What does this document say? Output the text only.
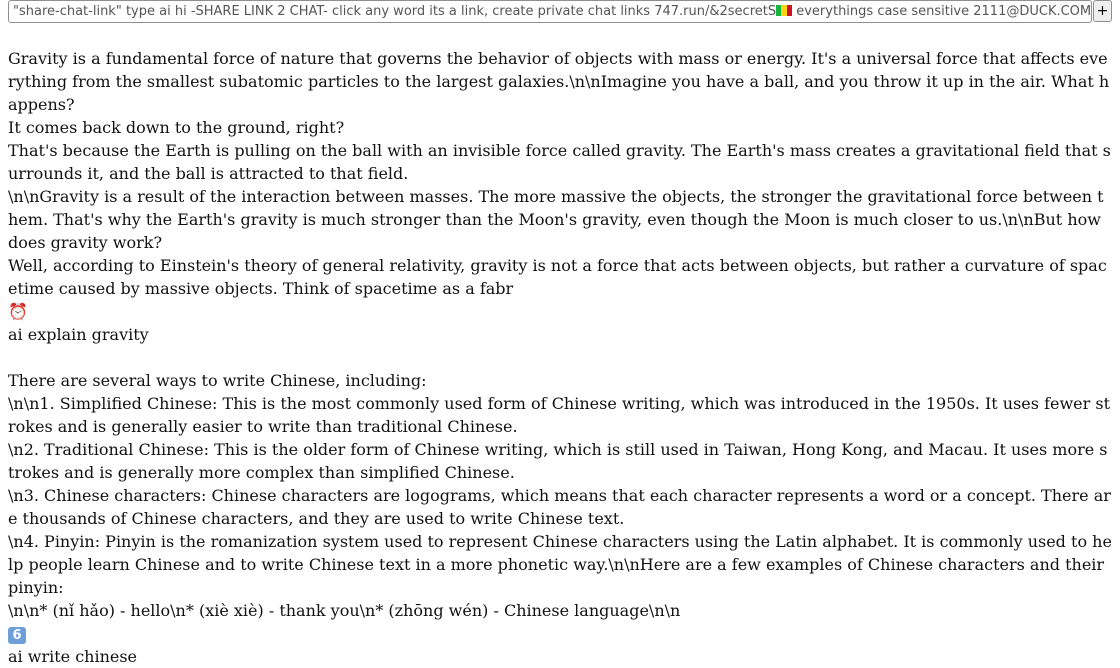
"share-chat-link" type ai hi -SHARE LINK 2 CHAT- click any word its a link, create private chat links 747.run/&2secretS everythings case sensitive 2111@DUCK.COM +
Gravity is a fundamental force of nature that governs the behavior of objects with mass or energy. It's a universal force that affects everything from the smallest subatomic particles to the largest galaxies.\n\nImagine you have a ball, and you throw it up in the air. What happens?
It comes back down to the ground, right?
That's because the Earth is pulling on the ball with an invisible force called gravity. The Earth's mass creates a gravitational field that surrounds it, and the ball is attracted to that field.
\n\nGravity is a result of the interaction between masses. The more massive the objects, the stronger the gravitational force between them. That's why the Earth's gravity is much stronger than the Moon's gravity, even though the Moon is much closer to us.\n\nBut how does gravity work?
Well, according to Einstein's theory of general relativity, gravity is not a force that acts between objects, but rather a curvature of spacetime caused by massive objects. Think of spacetime as a fabr
⏰
ai explain gravity
There are several ways to write Chinese, including:
\n\n1. Simplified Chinese: This is the most commonly used form of Chinese writing, which was introduced in the 1950s. It uses fewer strokes and is generally easier to write than traditional Chinese.
\n2. Traditional Chinese: This is the older form of Chinese writing, which is still used in Taiwan, Hong Kong, and Macau. It uses more strokes and is generally more complex than simplified Chinese.
\n3. Chinese characters: Chinese characters are logograms, which means that each character represents a word or a concept. There are thousands of Chinese characters, and they are used to write Chinese text.
\n4. Pinyin: Pinyin is the romanization system used to represent Chinese characters using the Latin alphabet. It is commonly used to help people learn Chinese and to write Chinese text in a more phonetic way.\n\nHere are a few examples of Chinese characters and their pinyin:
\n\n* (nǐ hǎo) - hello\n* (xiè xiè) - thank you\n* (zhōng wén) - Chinese language\n\n
6
ai write chinese
